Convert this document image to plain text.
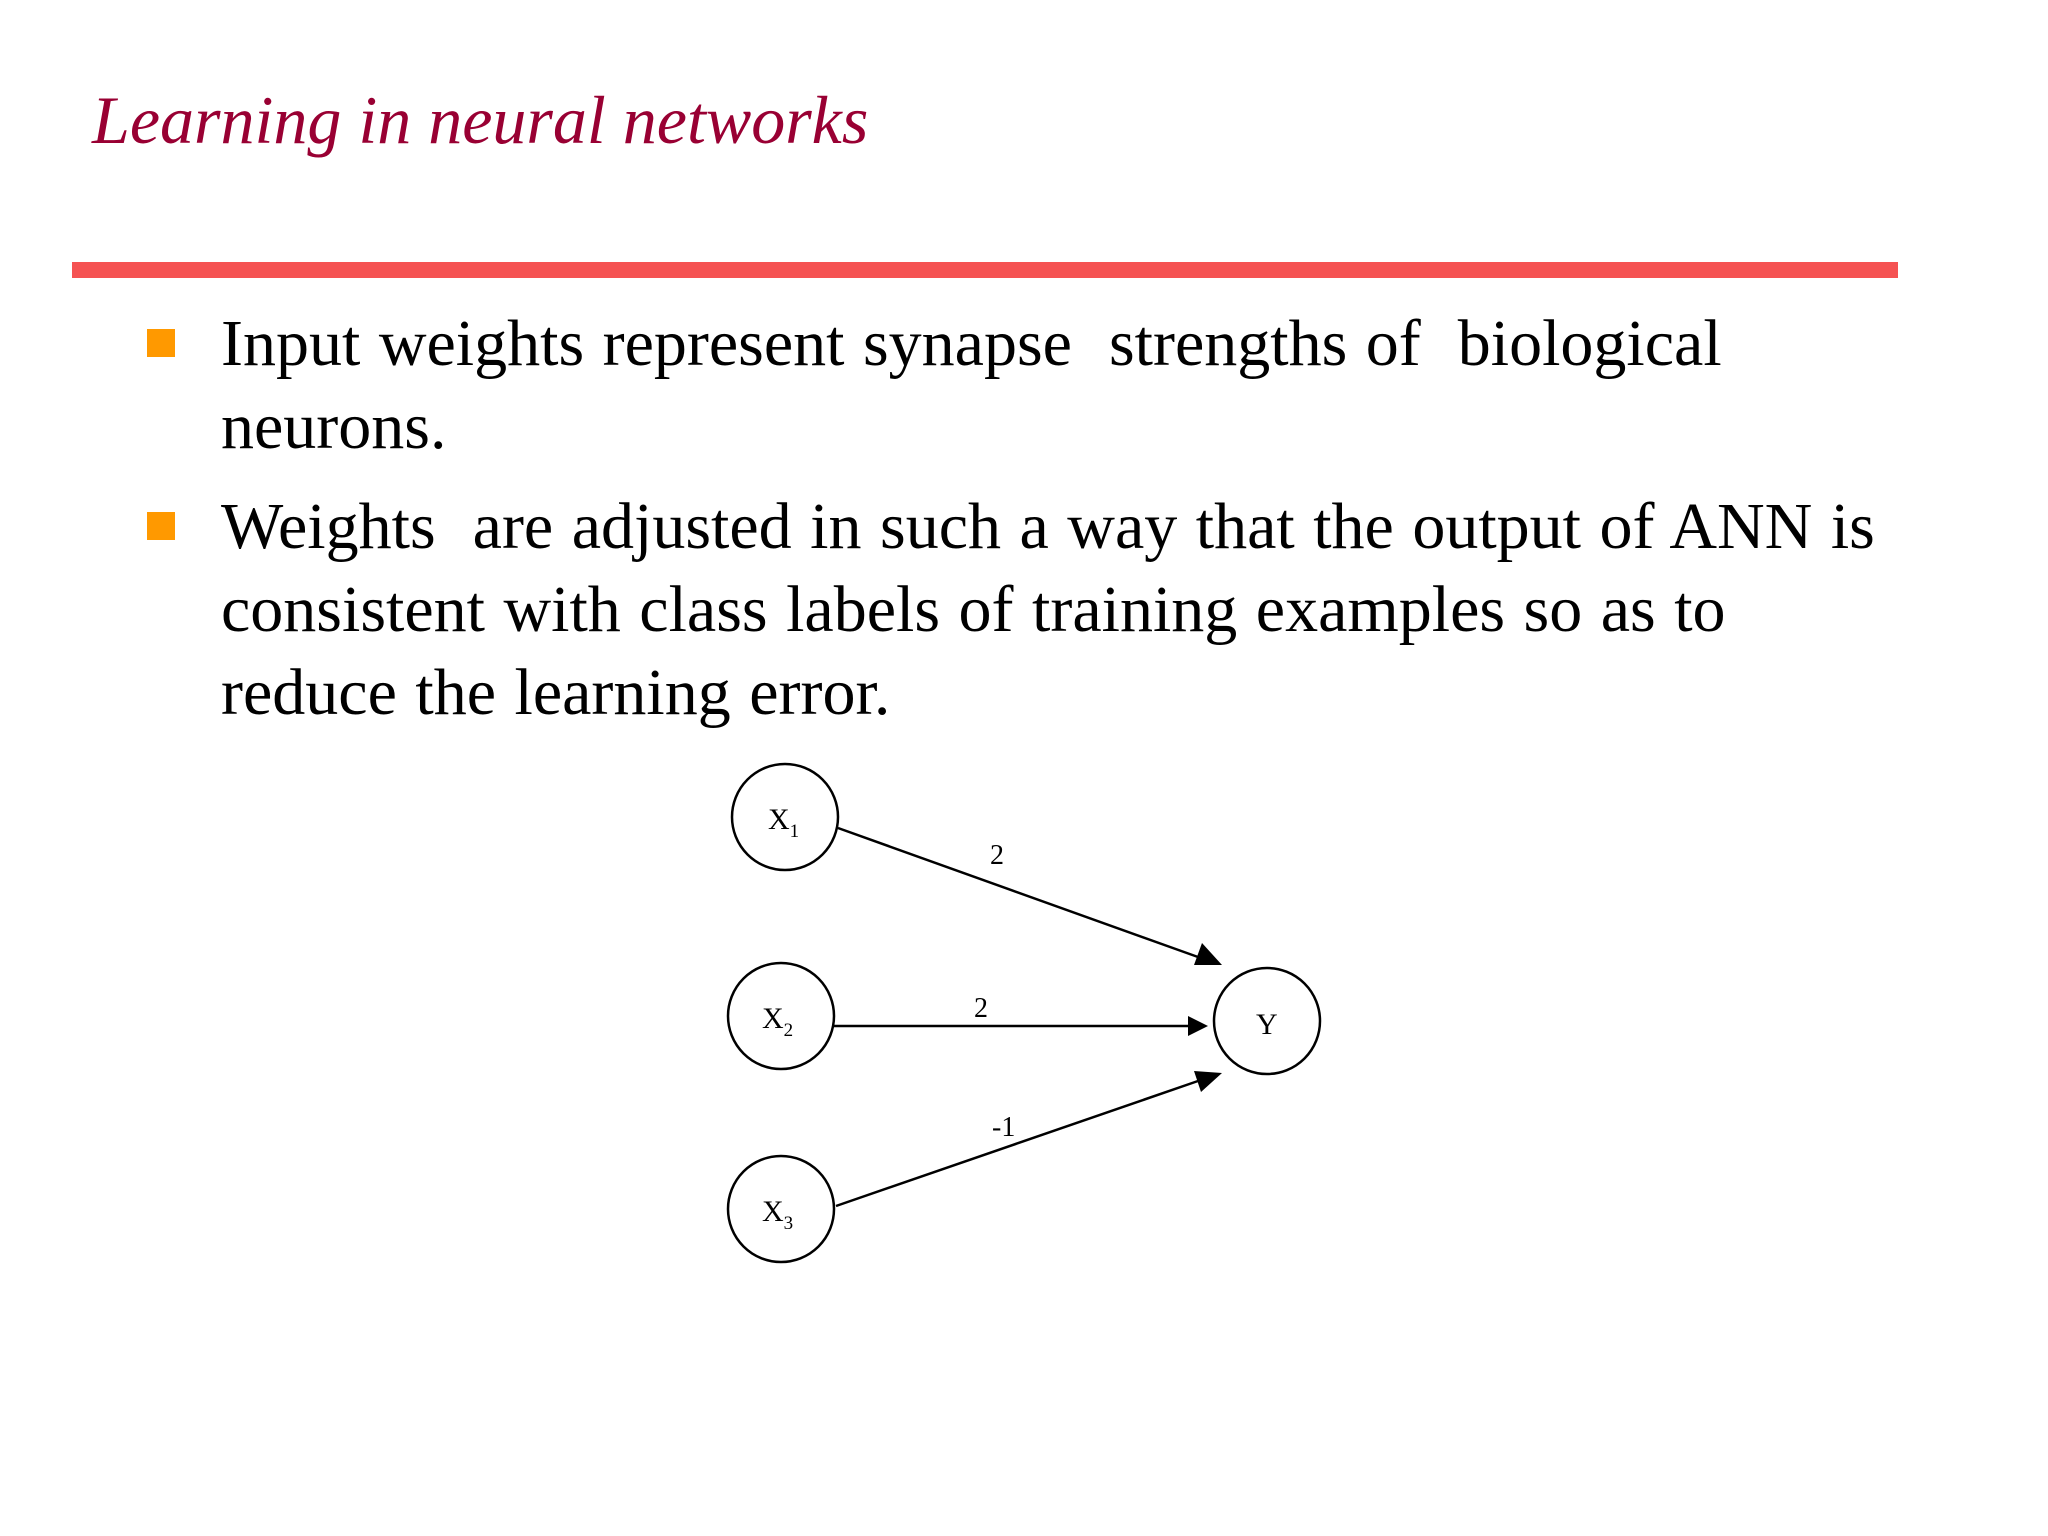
Learning in neural networks
Input weights represent synapse  strengths of  biological neurons.
Weights  are adjusted in such a way that the output of ANN is consistent with class labels of training examples so as to reduce the learning error.
2
2
-1
$X_1$
$X_2$
$X_3$
Y
